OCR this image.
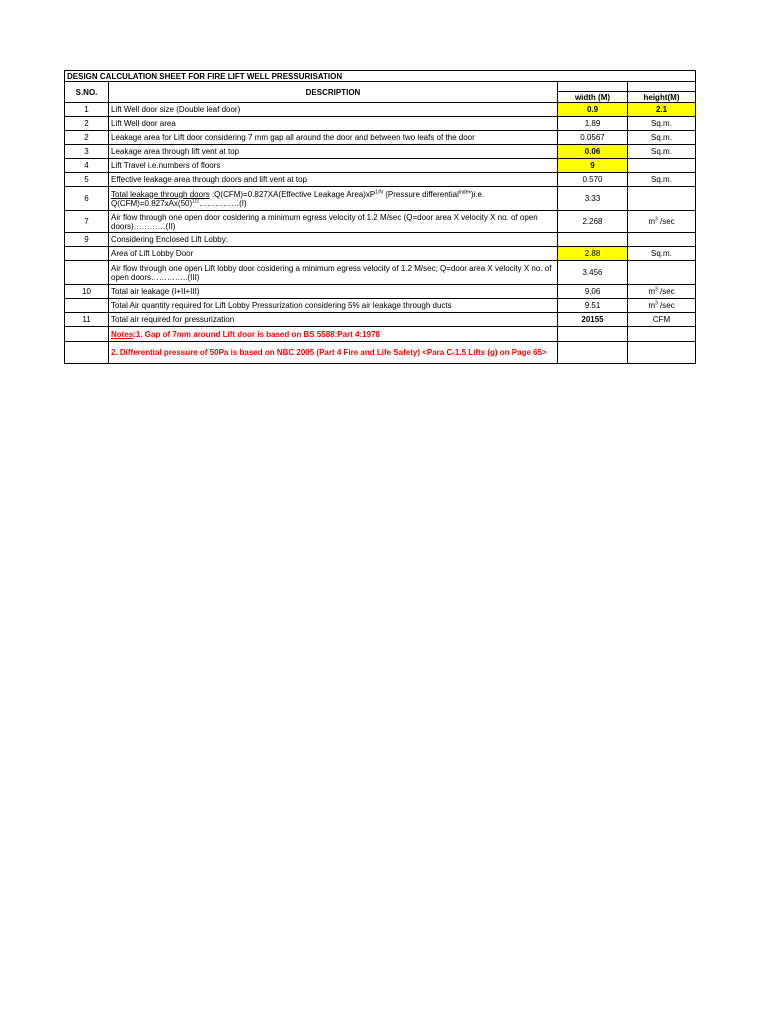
DESIGN CALCULATION SHEET FOR FIRE LIFT WELL PRESSURISATION			
S.NO.	DESCRIPTION		
		width (M)	height(M)
1	Lift Well door size (Double leaf door)	0.9	2.1
2	Lift Well door area	1.89	Sq.m.
2	Leakage area for Lift door considering 7 mm gap all around the door and between two leafs of the door	0.0567	Sq.m.
3	Leakage area through lift vent at top	0.06	Sq.m.
4	Lift Travel i.e.numbers of floors	9	
5	Effective leakage area through doors and lift vent at top	0.570	Sq.m.
6	Total leakage through doors :Q(CFM)=0.827XA(Effective Leakage $Area)xP^{1/N}$ (Pressure differential$^{index}$)i.e. $Q(CFM)=0.827xAx(50)^{1/2}\dots\dots\dots\dots\dots(I)$	3.33	
7	Air flow through one open door cosidering a minimum egress velocity of 1.2 M/sec (Q=door area X velocity X no. of open doors)…………(II)	2.268	$m^3$ /sec
9	Considering Enclosed Lift Lobby:		
	Area of Lift Lobby Door	2.88	Sq.m.
	Air flow through one open Lift lobby door cosidering a minimum egress velocity of 1.2 M/sec; Q=door area X velocity X no. of open doors…………..(III)	3.456	
10	Total air leakage (I+II+III)	9.06	$m^3$ /sec
	Total Air quantity required for Lift Lobby Pressurization considering 5% air leakage through ducts	9.51	$m^3$ /sec
11	Total air required for pressurization	20155	CFM
	Notes:1. Gap of 7mm around Lift door is based on BS 5588:Part 4:1978		
	2. Differential pressure of 50Pa is based on NBC 2005 (Part 4 Fire and Life Safety) <Para C-1.5 Lifts (g) on Page 65>		
